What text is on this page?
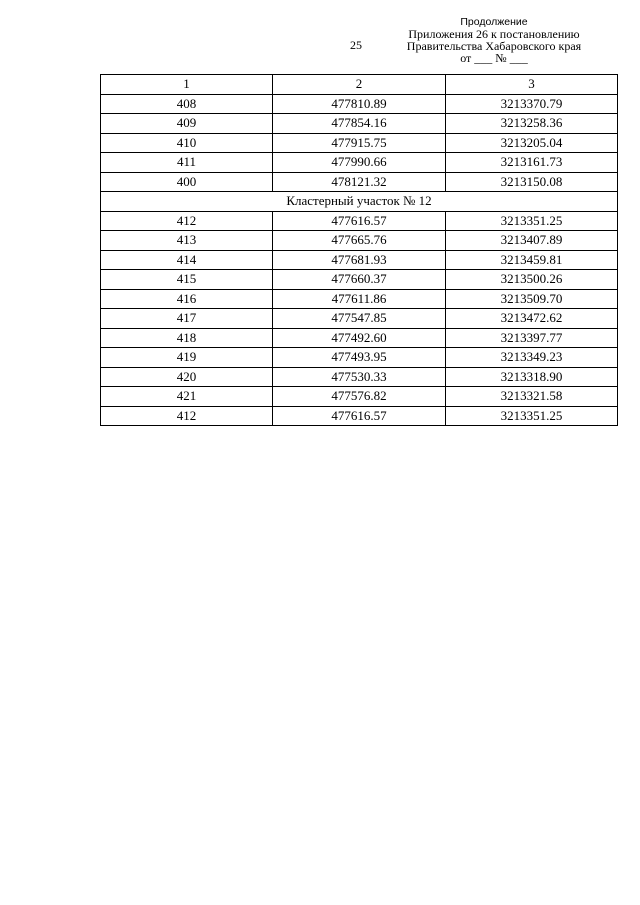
25
Продолжение
Приложения 26 к постановлению
Правительства Хабаровского края
от ___ № ___
1	2	3
408	477810.89	3213370.79
409	477854.16	3213258.36
410	477915.75	3213205.04
411	477990.66	3213161.73
400	478121.32	3213150.08
Кластерный участок № 12		
412	477616.57	3213351.25
413	477665.76	3213407.89
414	477681.93	3213459.81
415	477660.37	3213500.26
416	477611.86	3213509.70
417	477547.85	3213472.62
418	477492.60	3213397.77
419	477493.95	3213349.23
420	477530.33	3213318.90
421	477576.82	3213321.58
412	477616.57	3213351.25
